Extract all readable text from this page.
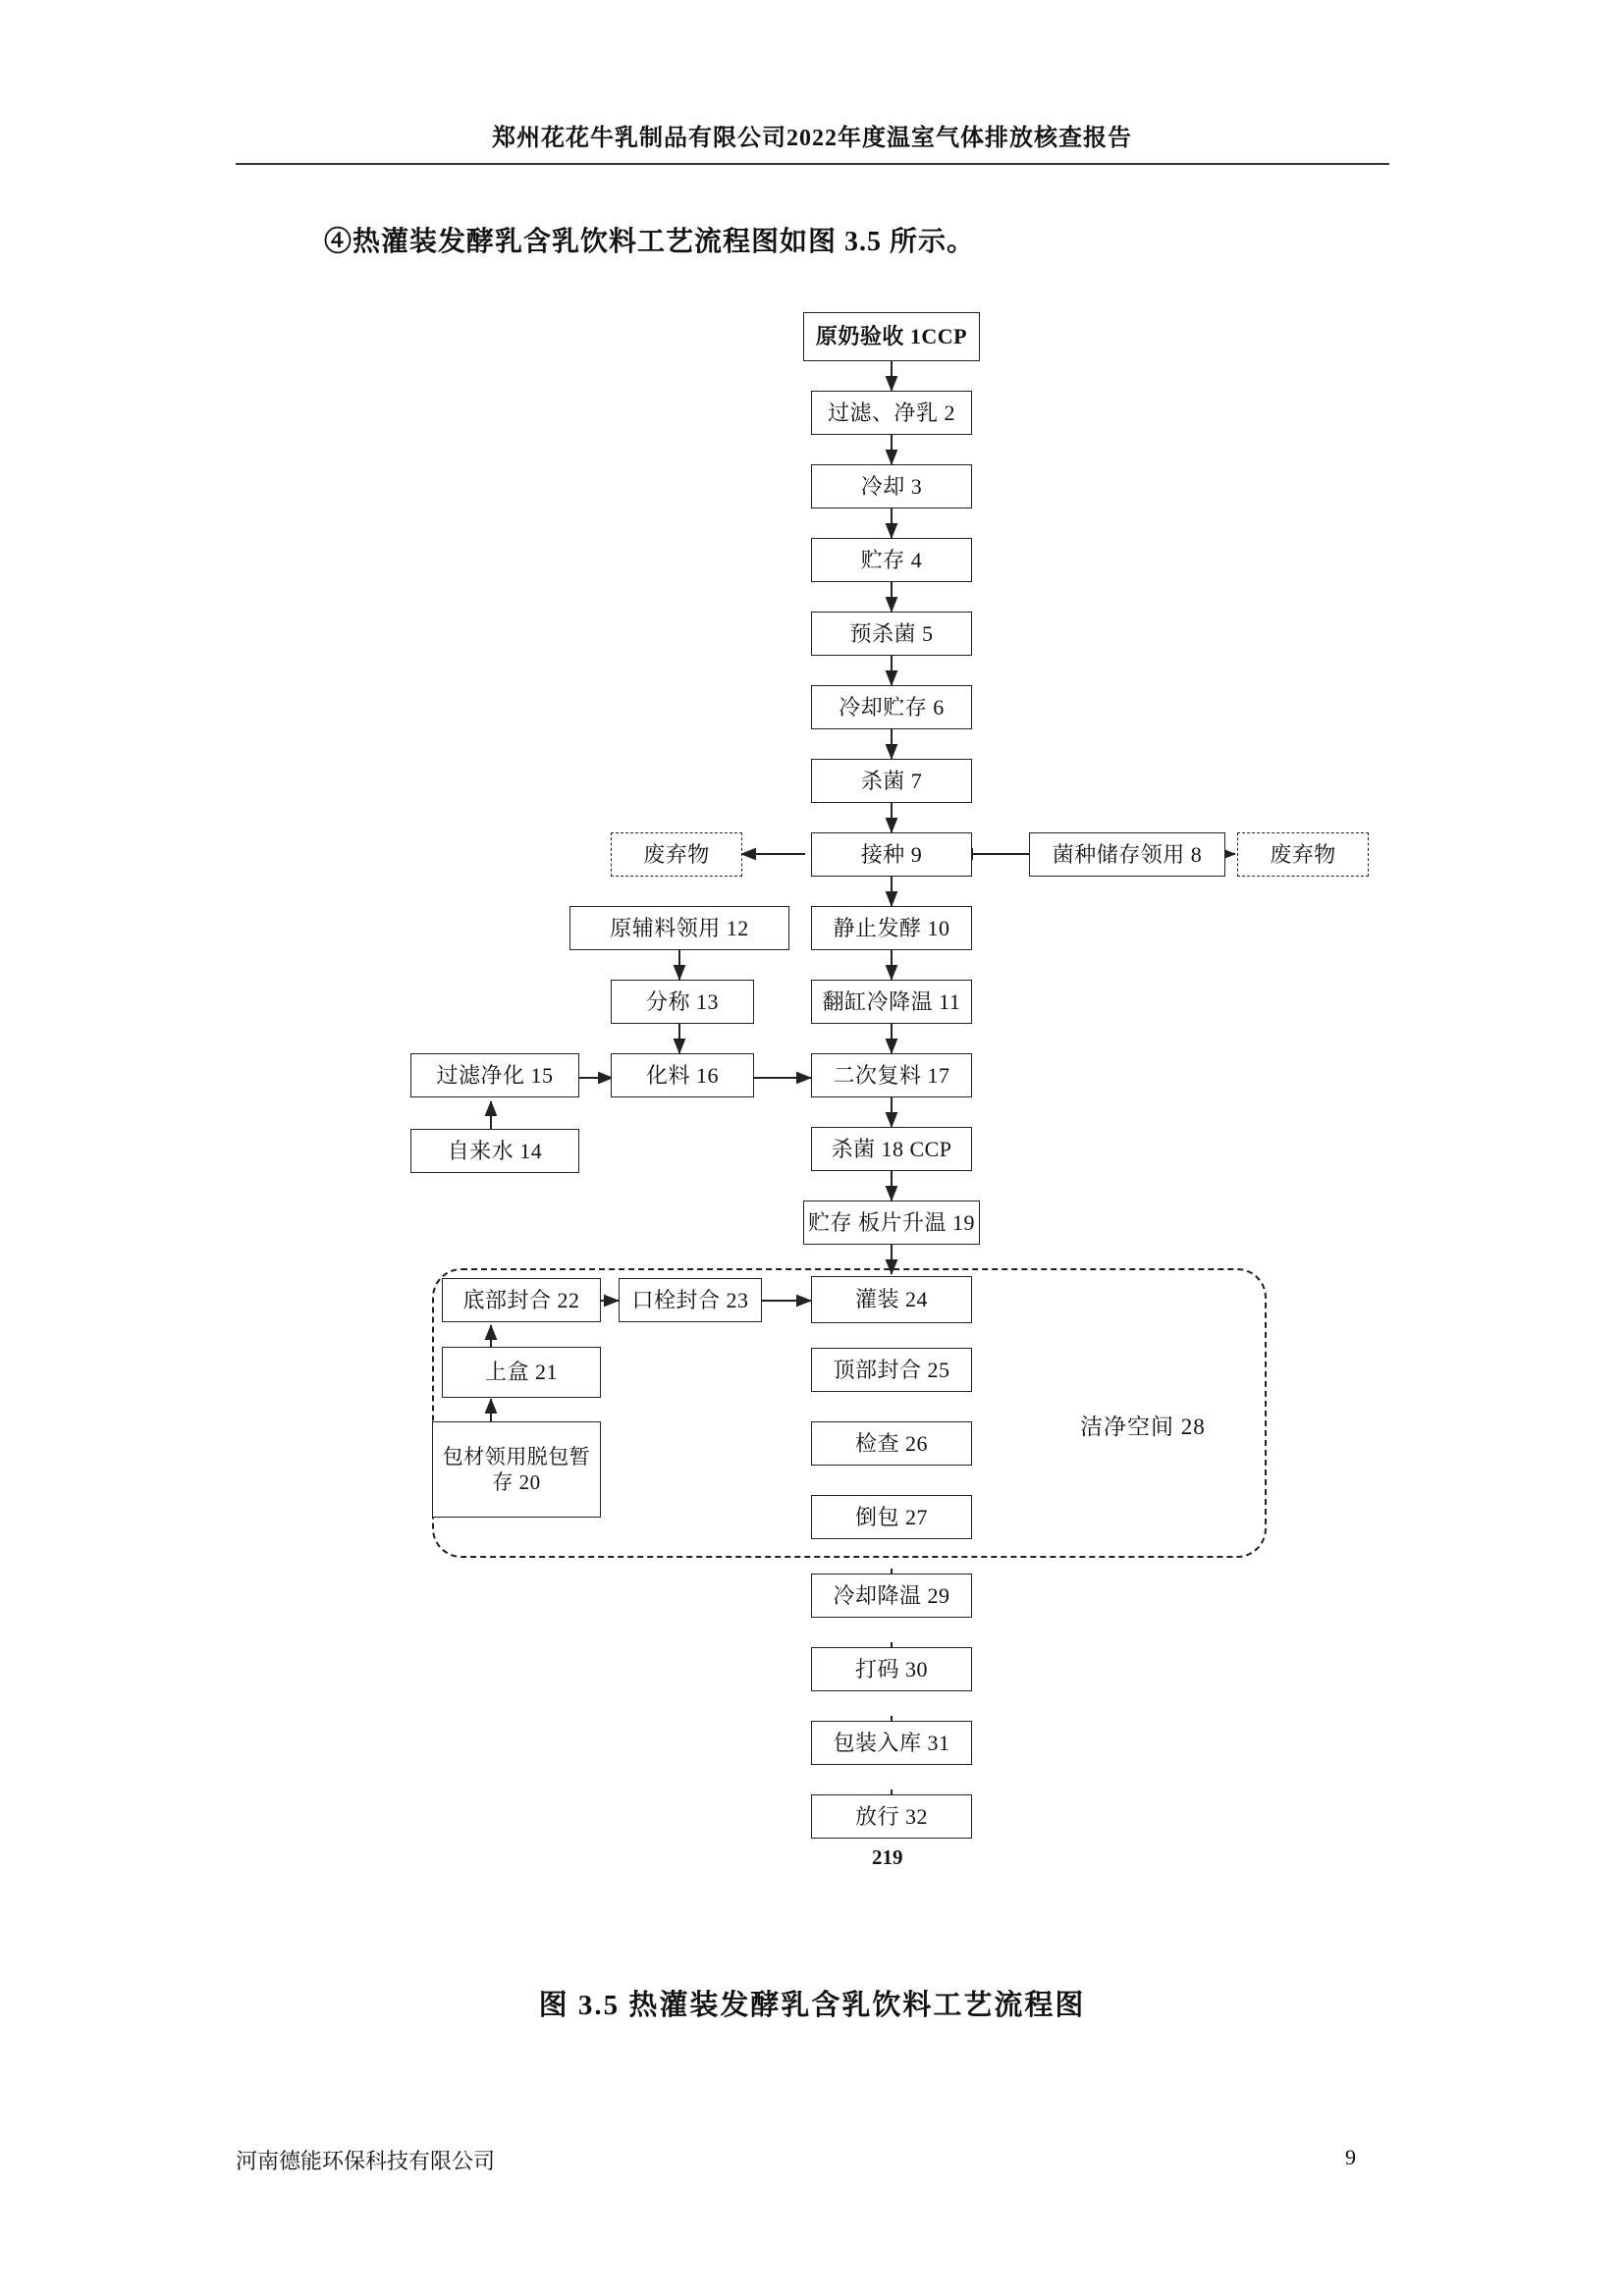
郑州花花牛乳制品有限公司2022年度温室气体排放核查报告
④热灌装发酵乳含乳饮料工艺流程图如图 3.5 所示。
洁净空间 28
原奶验收 1CCP
过滤、净乳 2
冷却 3
贮存 4
预杀菌 5
冷却贮存 6
杀菌 7
接种 9	菌种储存领用 8
废弃物	废弃物
静止发酵 10
原辅料领用 12
翻缸冷降温 11
分称 13
二次复料 17
化料 16
过滤净化 15
自来水 14	杀菌 18 CCP
贮存 板片升温 19
灌装 24
口栓封合 23
底部封合 22
上盒 21
包材领用脱包暂存 20
顶部封合 25
检查 26
倒包 27
冷却降温 29
打码 30
包装入库 31
放行 32
219
图 3.5 热灌装发酵乳含乳饮料工艺流程图
河南德能环保科技有限公司	9
